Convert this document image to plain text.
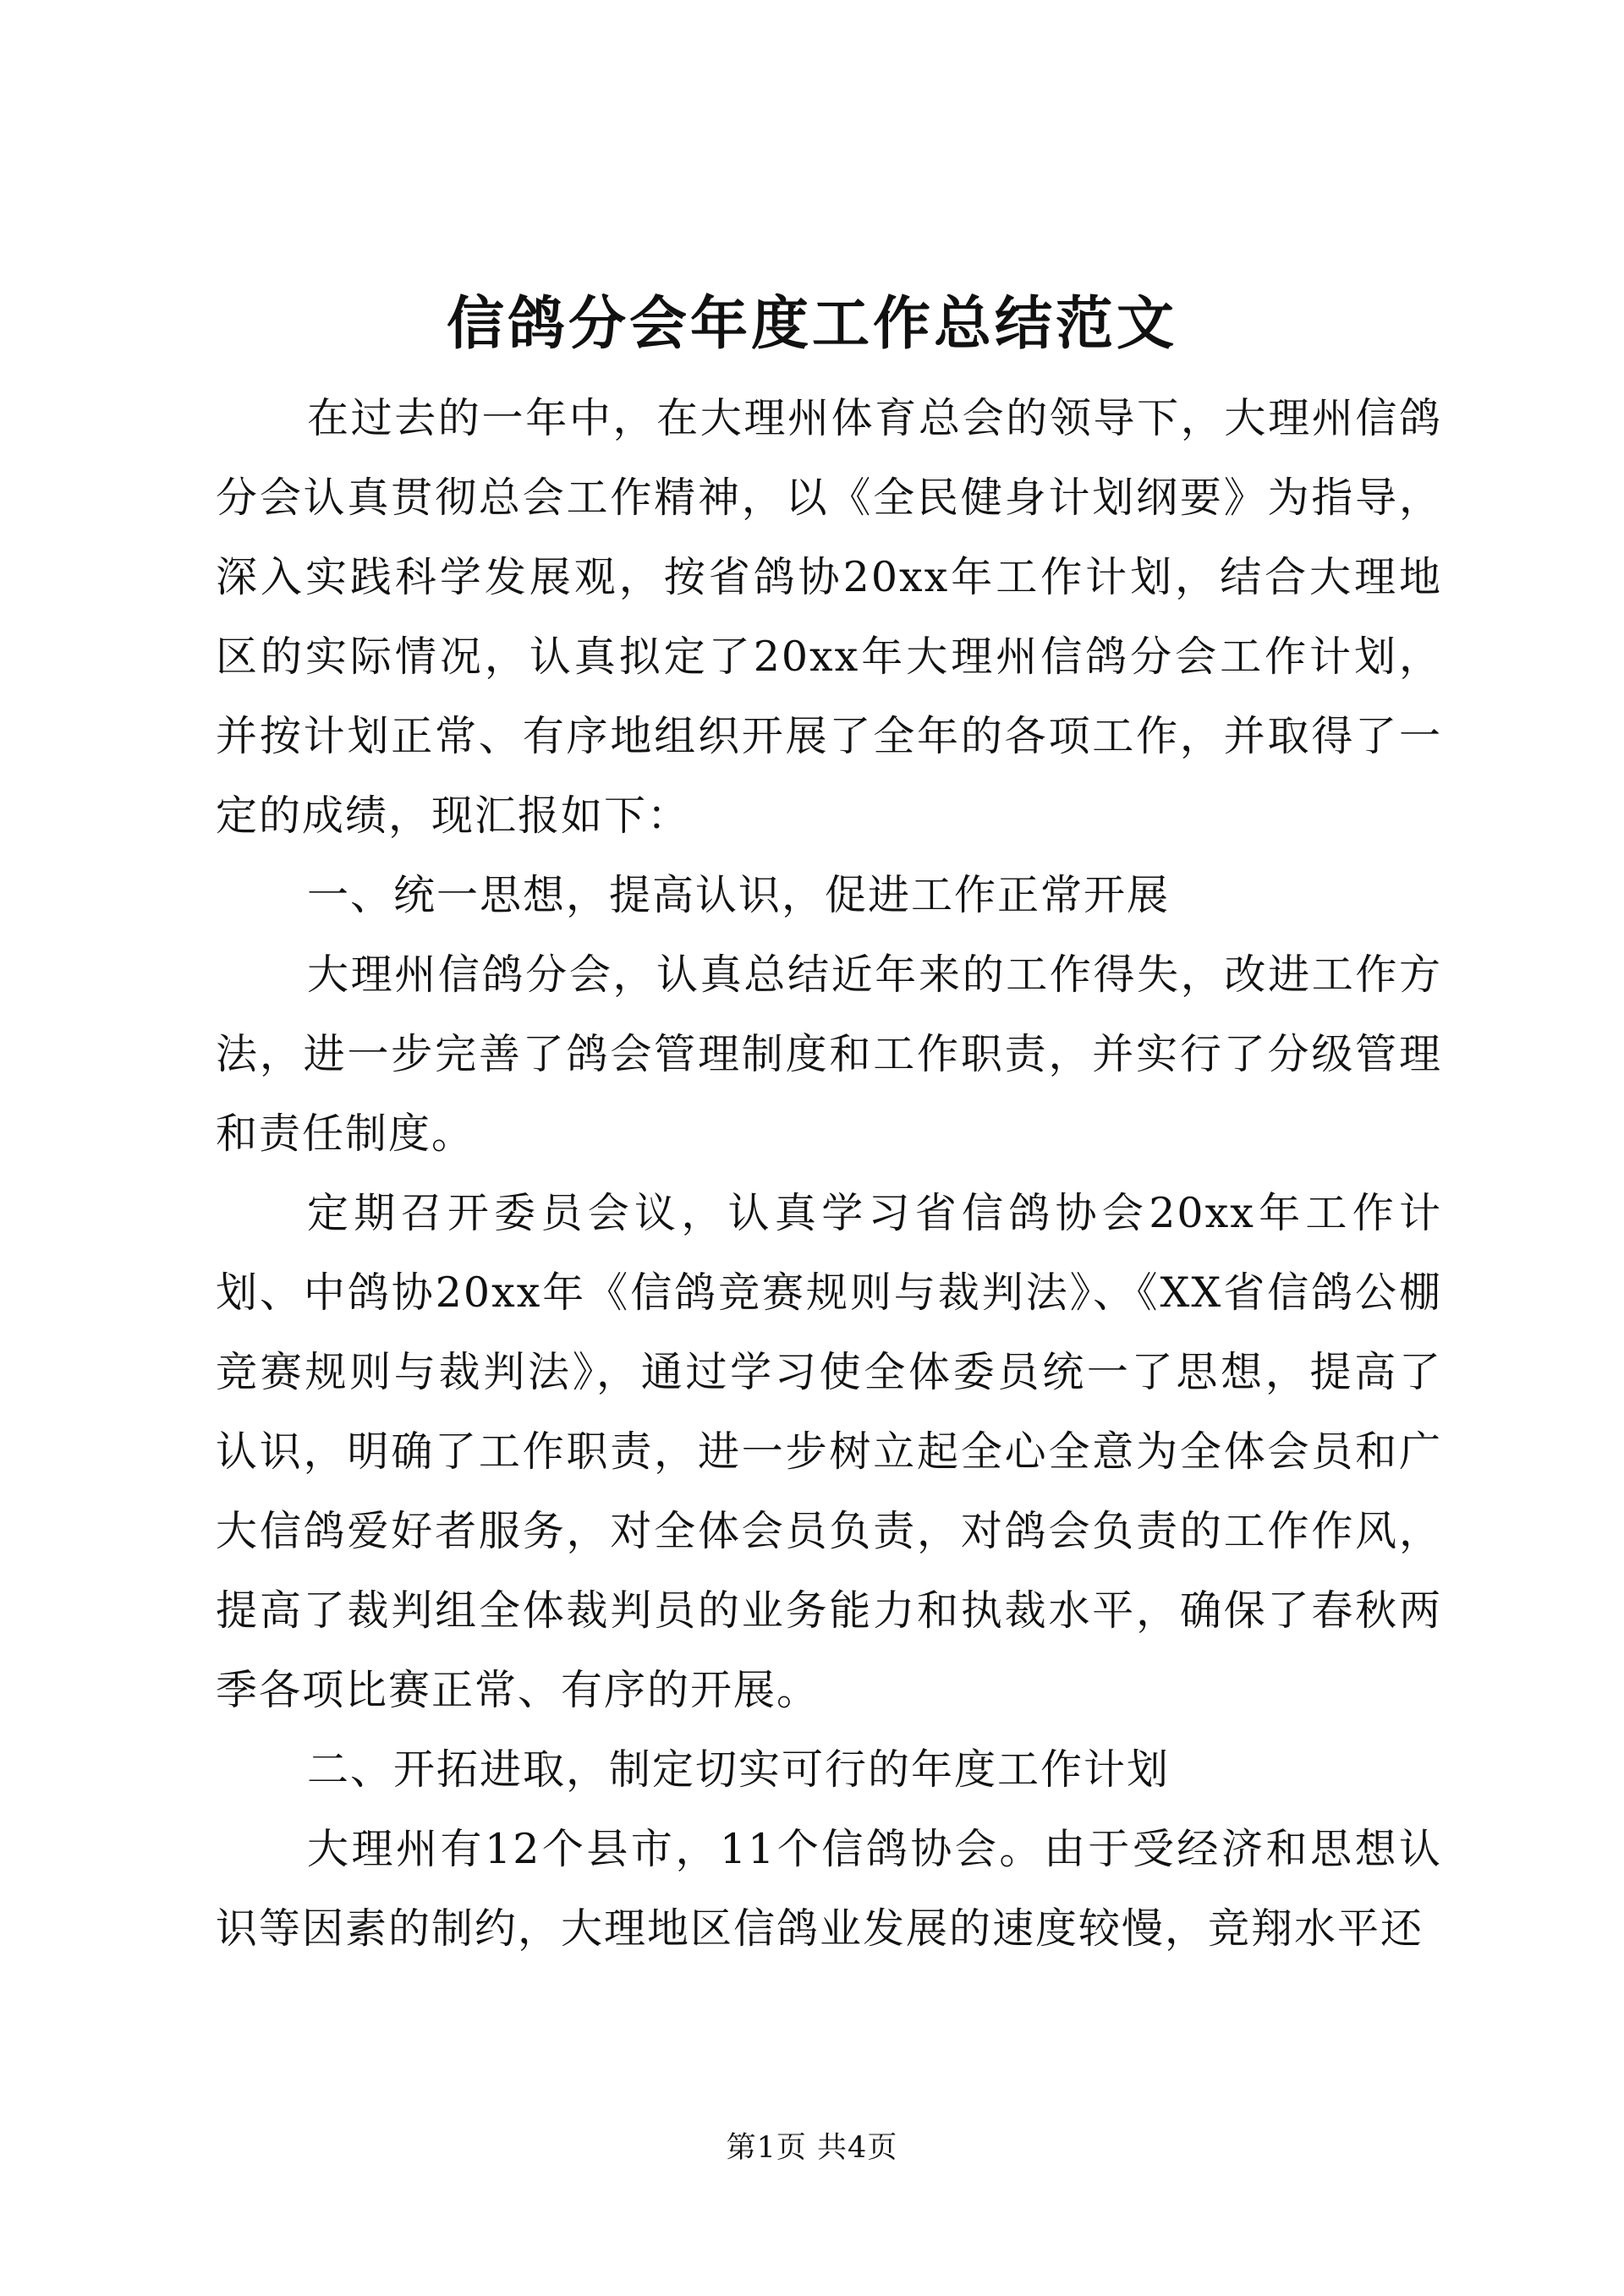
信鸽分会年度工作总结范文

在过去的一年中，在大理州体育总会的领导下，大理州信鸽分会认真贯彻总会工作精神，以《全民健身计划纲要》为指导，深入实践科学发展观，按省鸽协20xx年工作计划，结合大理地区的实际情况，认真拟定了20xx年大理州信鸽分会工作计划，并按计划正常、有序地组织开展了全年的各项工作，并取得了一定的成绩，现汇报如下：

一、统一思想，提高认识，促进工作正常开展

大理州信鸽分会，认真总结近年来的工作得失，改进工作方法，进一步完善了鸽会管理制度和工作职责，并实行了分级管理和责任制度。

定期召开委员会议，认真学习省信鸽协会20xx年工作计划、中鸽协20xx年《信鸽竞赛规则与裁判法》、《XX省信鸽公棚竞赛规则与裁判法》，通过学习使全体委员统一了思想，提高了认识，明确了工作职责，进一步树立起全心全意为全体会员和广大信鸽爱好者服务，对全体会员负责，对鸽会负责的工作作风，提高了裁判组全体裁判员的业务能力和执裁水平，确保了春秋两季各项比赛正常、有序的开展。

二、开拓进取，制定切实可行的年度工作计划

大理州有12个县市，11个信鸽协会。由于受经济和思想认识等因素的制约，大理地区信鸽业发展的速度较慢，竞翔水平还

第1页 共4页
